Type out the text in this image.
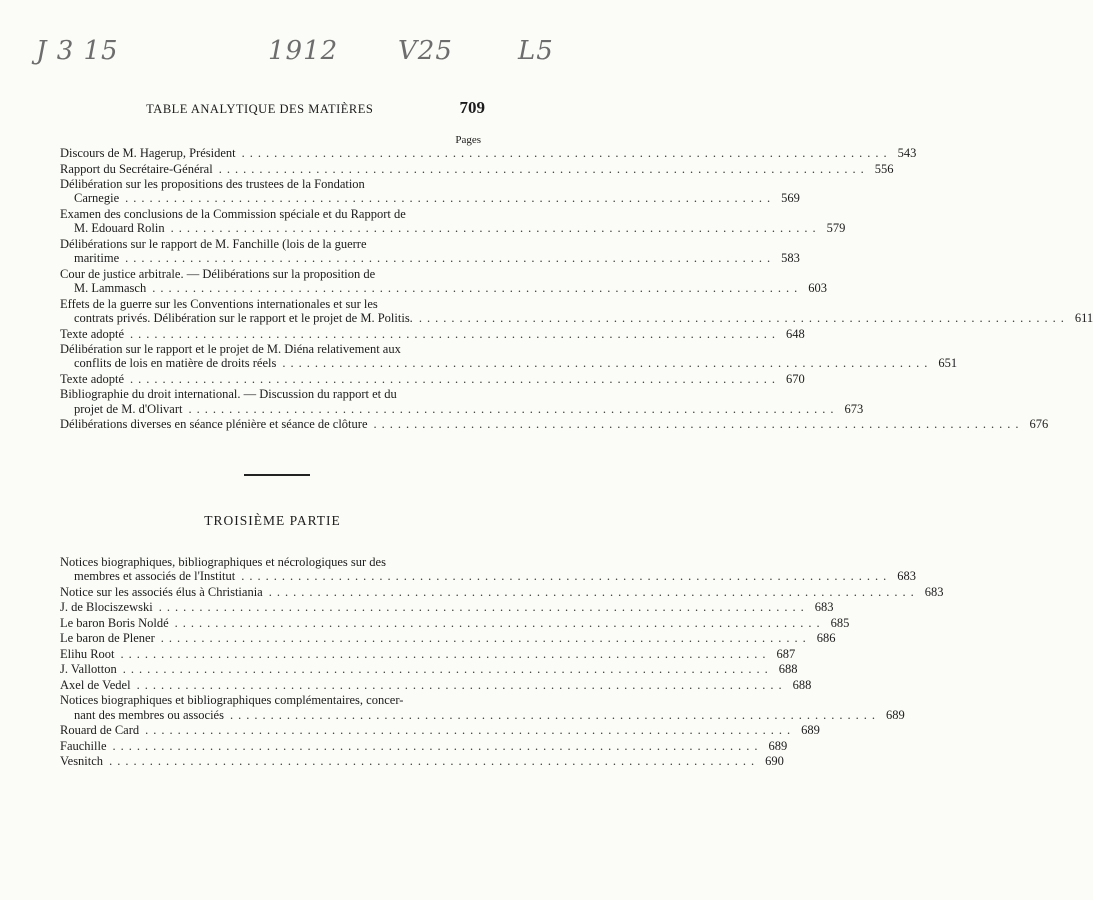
J 3 15	1912 V25	L5
TABLE ANALYTIQUE DES MATIÈRES	709
Pages
Discours de M. Hagerup, Président ................................................................................ 543
Rapport du Secrétaire-Général ................................................................................ 556
Délibération sur les propositions des trustees de la Fondation
Carnegie ................................................................................ 569
Examen des conclusions de la Commission spéciale et du Rapport de
M. Edouard Rolin ................................................................................ 579
Délibérations sur le rapport de M. Fanchille (lois de la guerre
maritime ................................................................................ 583
Cour de justice arbitrale. — Délibérations sur la proposition de
M. Lammasch ................................................................................ 603
Effets de la guerre sur les Conventions internationales et sur les
contrats privés. Délibération sur le rapport et le projet de M. Politis. ................................................................................ 611
Texte adopté ................................................................................ 648
Délibération sur le rapport et le projet de M. Diéna relativement aux
conflits de lois en matière de droits réels ................................................................................ 651
Texte adopté ................................................................................ 670
Bibliographie du droit international. — Discussion du rapport et du
projet de M. d'Olivart ................................................................................ 673
Délibérations diverses en séance plénière et séance de clôture ................................................................................ 676
TROISIÈME PARTIE
Notices biographiques, bibliographiques et nécrologiques sur des
membres et associés de l'Institut ................................................................................ 683
Notice sur les associés élus à Christiania ................................................................................ 683
J. de Bloсiszewski ................................................................................ 683
Le baron Boris Noldé ................................................................................ 685
Le baron de Plener ................................................................................ 686
Elihu Root ................................................................................ 687
J. Vallotton ................................................................................ 688
Axel de Vedel ................................................................................ 688
Notices biographiques et bibliographiques complémentaires, concer-
nant des membres ou associés ................................................................................ 689
Rouard de Card ................................................................................ 689
Fauchille ................................................................................ 689
Vesnitch ................................................................................ 690
